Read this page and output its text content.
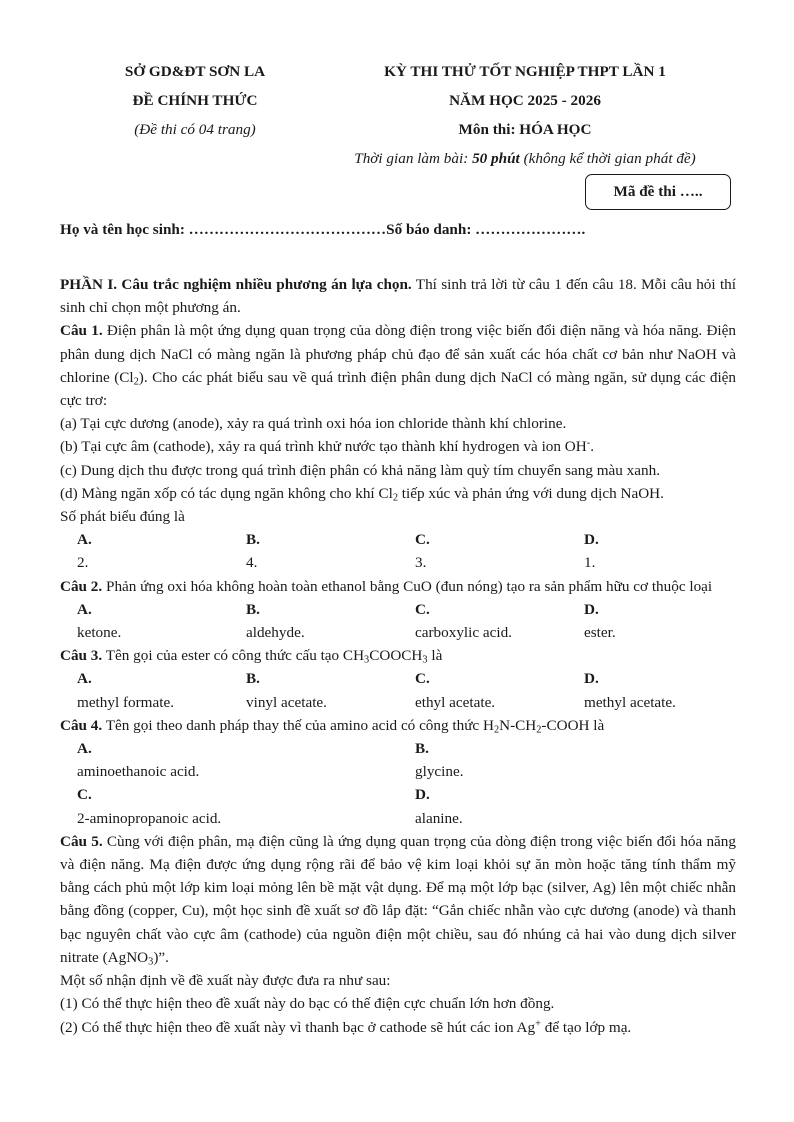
SỞ GD&ĐT SƠN LA
ĐỀ CHÍNH THỨC
(Đề thi có 04 trang)
KỲ THI THỬ TỐT NGHIỆP THPT LẦN 1
NĂM HỌC 2025 - 2026
Môn thi: HÓA HỌC
Thời gian làm bài: 50 phút (không kể thời gian phát đề)
Mã đề thi …..
Họ và tên học sinh: …………………………………Số báo danh: ………………….

PHẦN I. Câu trắc nghiệm nhiều phương án lựa chọn. Thí sinh trả lời từ câu 1 đến câu 18. Mỗi câu hỏi thí sinh chỉ chọn một phương án.

Câu 1. Điện phân là một ứng dụng quan trọng của dòng điện trong việc biến đổi điện năng và hóa năng. Điện phân dung dịch NaCl có màng ngăn là phương pháp chủ đạo để sản xuất các hóa chất cơ bản như NaOH và chlorine $(Cl_2)$. Cho các phát biểu sau về quá trình điện phân dung dịch NaCl có màng ngăn, sử dụng các điện cực trơ:

(a) Tại cực dương (anode), xảy ra quá trình oxi hóa ion chloride thành khí chlorine.

(b) Tại cực âm (cathode), xảy ra quá trình khử nước tạo thành khí hydrogen và ion OH-.

(c) Dung dịch thu được trong quá trình điện phân có khả năng làm quỳ tím chuyển sang màu xanh.

(d) Màng ngăn xốp có tác dụng ngăn không cho khí $Cl_2$ tiếp xúc và phản ứng với dung dịch NaOH.

Số phát biểu đúng là

A.2.
B.4.
C.3.
D.1.

Câu 2. Phản ứng oxi hóa không hoàn toàn ethanol bằng CuO (đun nóng) tạo ra sản phẩm hữu cơ thuộc loại

A.ketone.
B.aldehyde.
C.carboxylic acid.
D.ester.

Câu 3. Tên gọi của ester có công thức cấu tạo $CH_3COOCH_3$ là

A.methyl formate.
B.vinyl acetate.
C.ethyl acetate.
D.methyl acetate.

Câu 4. Tên gọi theo danh pháp thay thế của amino acid có công thức $H_2N-CH_2$-COOH là

A.aminoethanoic acid.
B.glycine.
C.2-aminopropanoic acid.
D.alanine.

Câu 5. Cùng với điện phân, mạ điện cũng là ứng dụng quan trọng của dòng điện trong việc biến đổi hóa năng và điện năng. Mạ điện được ứng dụng rộng rãi để bảo vệ kim loại khỏi sự ăn mòn hoặc tăng tính thẩm mỹ bằng cách phủ một lớp kim loại mỏng lên bề mặt vật dụng. Để mạ một lớp bạc (silver, Ag) lên một chiếc nhẫn bằng đồng (copper, Cu), một học sinh đề xuất sơ đồ lắp đặt: “Gắn chiếc nhẫn vào cực dương (anode) và thanh bạc nguyên chất vào cực âm (cathode) của nguồn điện một chiều, sau đó nhúng cả hai vào dung dịch silver nitrate (AgNO$_3$)”.

Một số nhận định về đề xuất này được đưa ra như sau:

(1) Có thể thực hiện theo đề xuất này do bạc có thế điện cực chuẩn lớn hơn đồng.

(2) Có thể thực hiện theo đề xuất này vì thanh bạc ở cathode sẽ hút các ion Ag+ để tạo lớp mạ.
